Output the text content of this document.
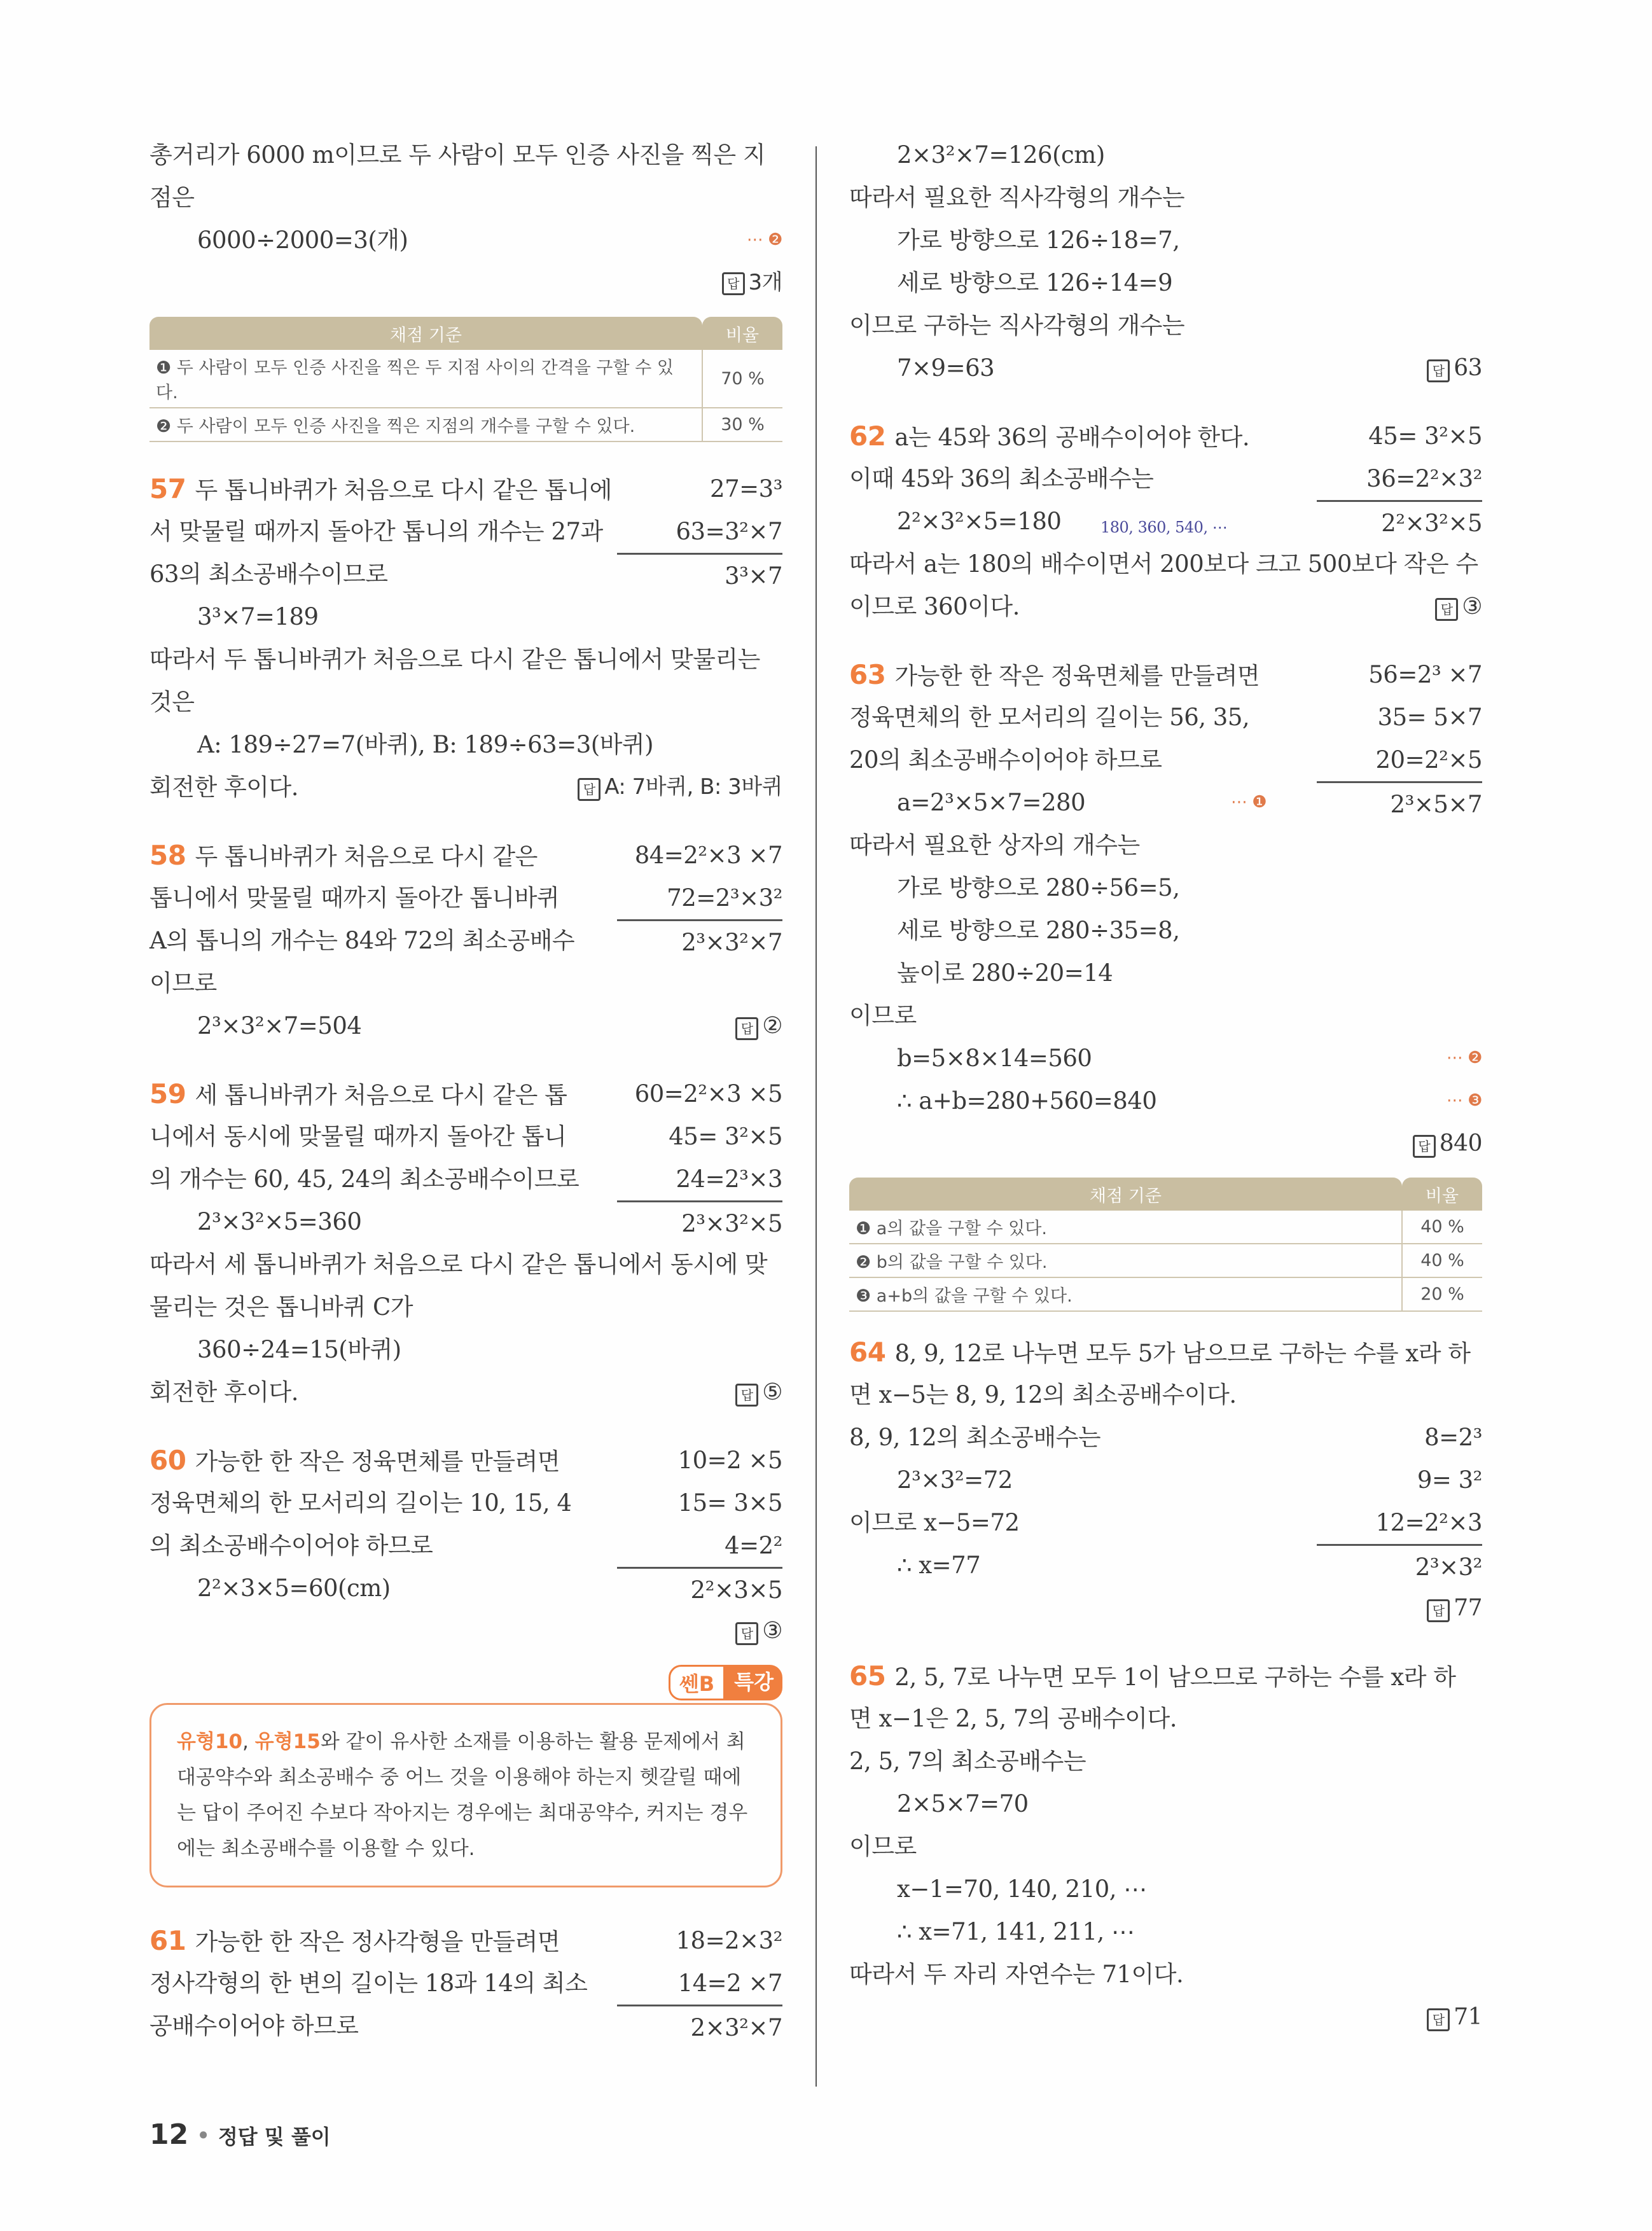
총거리가 6000 m이므로 두 사람이 모두 인증 사진을 찍은 지
점은
6000÷2000=3(개)	⋯ ❷
답 3개
채점 기준	비율
❶ 두 사람이 모두 인증 사진을 찍은 두 지점 사이의 간격을 구할 수 있다.	70 %
❷ 두 사람이 모두 인증 사진을 찍은 지점의 개수를 구할 수 있다.	30 %
27=3³
63=3²×7
3³×7
57 두 톱니바퀴가 처음으로 다시 같은 톱니에
서 맞물릴 때까지 돌아간 톱니의 개수는 27과
63의 최소공배수이므로
3³×7=189
따라서 두 톱니바퀴가 처음으로 다시 같은 톱니에서 맞물리는
것은
A: 189÷27=7(바퀴), B: 189÷63=3(바퀴)
회전한 후이다.	답 A: 7바퀴, B: 3바퀴
84=2²×3 ×7
72=2³×3²
2³×3²×7
58 두 톱니바퀴가 처음으로 다시 같은
톱니에서 맞물릴 때까지 돌아간 톱니바퀴
A의 톱니의 개수는 84와 72의 최소공배수
이므로
2³×3²×7=504	답 ②
60=2²×3 ×5
45= 3²×5
24=2³×3
2³×3²×5
59 세 톱니바퀴가 처음으로 다시 같은 톱
니에서 동시에 맞물릴 때까지 돌아간 톱니
의 개수는 60, 45, 24의 최소공배수이므로
2³×3²×5=360
따라서 세 톱니바퀴가 처음으로 다시 같은 톱니에서 동시에 맞
물리는 것은 톱니바퀴 C가
360÷24=15(바퀴)
회전한 후이다.	답 ⑤
10=2 ×5
15= 3×5
4=2²
2²×3×5
60 가능한 한 작은 정육면체를 만들려면
정육면체의 한 모서리의 길이는 10, 15, 4
의 최소공배수이어야 하므로
2²×3×5=60(cm)
답 ③
쎈B 특강
유형10, 유형15와 같이 유사한 소재를 이용하는 활용 문제에서 최대공약수와 최소공배수 중 어느 것을 이용해야 하는지 헷갈릴 때에는 답이 주어진 수보다 작아지는 경우에는 최대공약수, 커지는 경우에는 최소공배수를 이용할 수 있다.
18=2×3²
14=2 ×7
2×3²×7
61 가능한 한 작은 정사각형을 만들려면
정사각형의 한 변의 길이는 18과 14의 최소
공배수이어야 하므로
2×3²×7=126(cm)
따라서 필요한 직사각형의 개수는
가로 방향으로 126÷18=7,
세로 방향으로 126÷14=9
이므로 구하는 직사각형의 개수는
7×9=63	답 63
45= 3²×5
36=2²×3²
2²×3²×5
62 a는 45와 36의 공배수이어야 한다.
이때 45와 36의 최소공배수는
2²×3²×5=180	180, 360, 540, ⋯
따라서 a는 180의 배수이면서 200보다 크고 500보다 작은 수
이므로 360이다.	답 ③
56=2³ ×7
35= 5×7
20=2²×5
2³×5×7
63 가능한 한 작은 정육면체를 만들려면
정육면체의 한 모서리의 길이는 56, 35,
20의 최소공배수이어야 하므로
a=2³×5×7=280	⋯ ❶
따라서 필요한 상자의 개수는
가로 방향으로 280÷56=5,
세로 방향으로 280÷35=8,
높이로 280÷20=14
이므로
b=5×8×14=560	⋯ ❷
∴ a+b=280+560=840	⋯ ❸
답 840
채점 기준	비율
❶ a의 값을 구할 수 있다.	40 %
❷ b의 값을 구할 수 있다.	40 %
❸ a+b의 값을 구할 수 있다.	20 %
64 8, 9, 12로 나누면 모두 5가 남으므로 구하는 수를 x라 하
면 x−5는 8, 9, 12의 최소공배수이다.
8=2³
9= 3²
12=2²×3
2³×3²
8, 9, 12의 최소공배수는
2³×3²=72
이므로 x−5=72
∴ x=77
답 77
65 2, 5, 7로 나누면 모두 1이 남으므로 구하는 수를 x라 하
면 x−1은 2, 5, 7의 공배수이다.
2, 5, 7의 최소공배수는
2×5×7=70
이므로
x−1=70, 140, 210, ⋯
∴ x=71, 141, 211, ⋯
따라서 두 자리 자연수는 71이다.
답 71
12 • 정답 및 풀이
